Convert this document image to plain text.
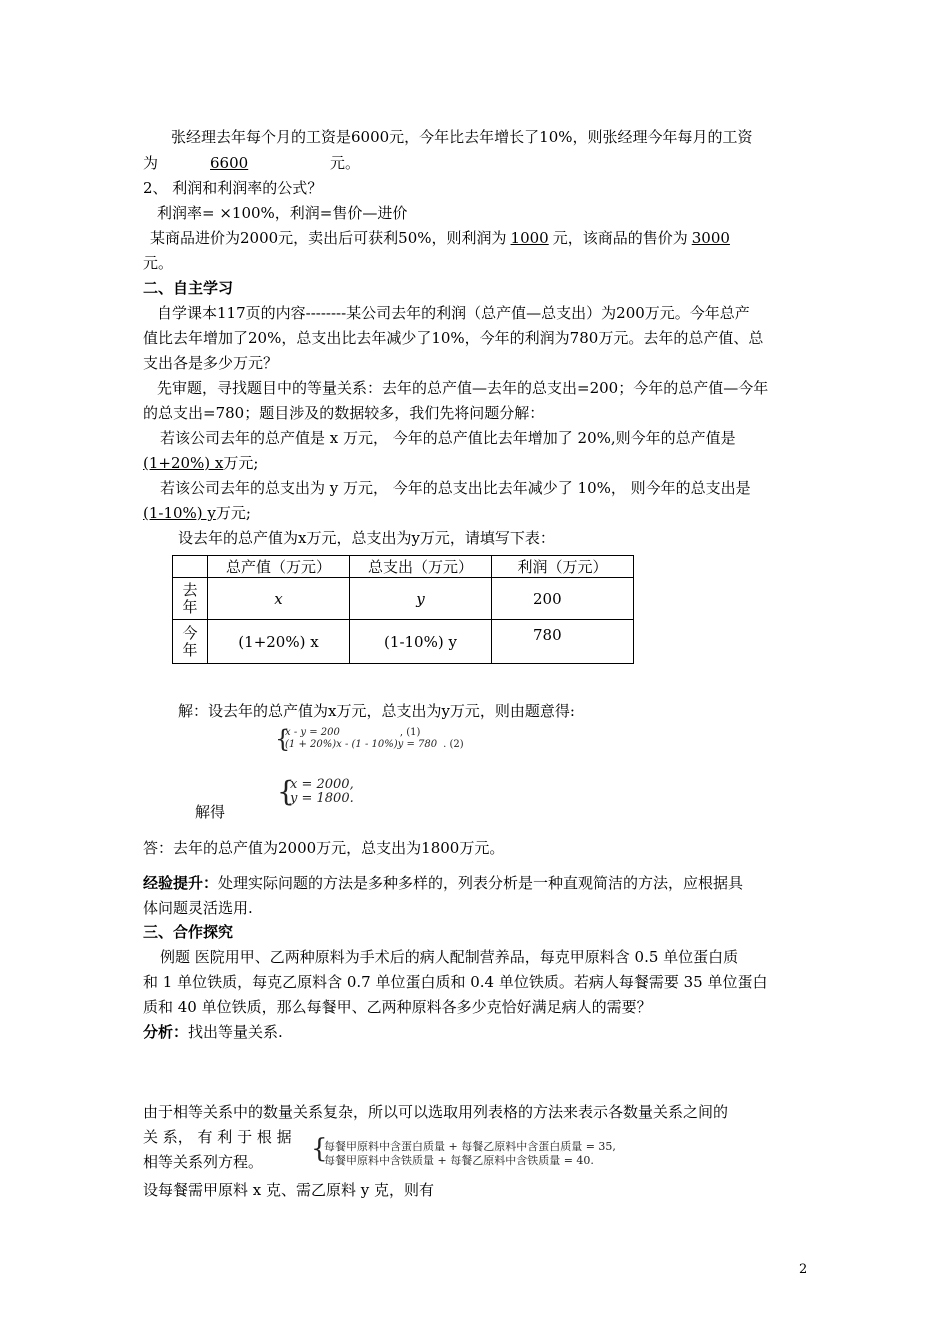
张经理去年每个月的工资是6000元，今年比去年增长了10%，则张经理今年每月的工资
为	6600	元。
2、 利润和利润率的公式？
利润率= ×100%，利润=售价—进价
某商品进价为2000元，卖出后可获利50%，则利润为 1000 元，该商品的售价为 3000
元。
二、自主学习
自学课本117页的内容--------某公司去年的利润（总产值—总支出）为200万元。今年总产
值比去年增加了20%，总支出比去年减少了10%，今年的利润为780万元。去年的总产值、总
支出各是多少万元？
先审题，寻找题目中的等量关系：去年的总产值—去年的总支出=200；今年的总产值—今年
的总支出=780；题目涉及的数据较多，我们先将问题分解：
若该公司去年的总产值是 x 万元， 今年的总产值比去年增加了 20%,则今年的总产值是
(1+20%) x万元;
若该公司去年的总支出为 y 万元， 今年的总支出比去年减少了 10%， 则今年的总支出是
(1-10%) y万元;
设去年的总产值为x万元，总支出为y万元，请填写下表：
	总产值（万元）	总支出（万元）	利润（万元）
去年	x	y	200
今年	(1+20%) x	(1-10%) y	780
解：设去年的总产值为x万元，总支出为y万元，则由题意得:
{
x - y = 200	, (1)
(1 + 20%)x - (1 - 10%)y = 780 . (2)
{
x = 2000,
y = 1800.
解得
答：去年的总产值为2000万元，总支出为1800万元。
经验提升：处理实际问题的方法是多种多样的，列表分析是一种直观简洁的方法，应根据具
体问题灵活选用.
三、合作探究
例题 医院用甲、乙两种原料为手术后的病人配制营养品，每克甲原料含 0.5 单位蛋白质
和 1 单位铁质，每克乙原料含 0.7 单位蛋白质和 0.4 单位铁质。若病人每餐需要 35 单位蛋白
质和 40 单位铁质，那么每餐甲、乙两种原料各多少克恰好满足病人的需要？
分析：找出等量关系.
由于相等关系中的数量关系复杂，所以可以选取用列表格的方法来表示各数量关系之间的
关 系， 有 利 于 根 据
相等关系列方程。 {
每餐甲原料中含蛋白质量 + 每餐乙原料中含蛋白质量 = 35,
每餐甲原料中含铁质量 + 每餐乙原料中含铁质量 = 40.
设每餐需甲原料 x 克、需乙原料 y 克，则有
2
